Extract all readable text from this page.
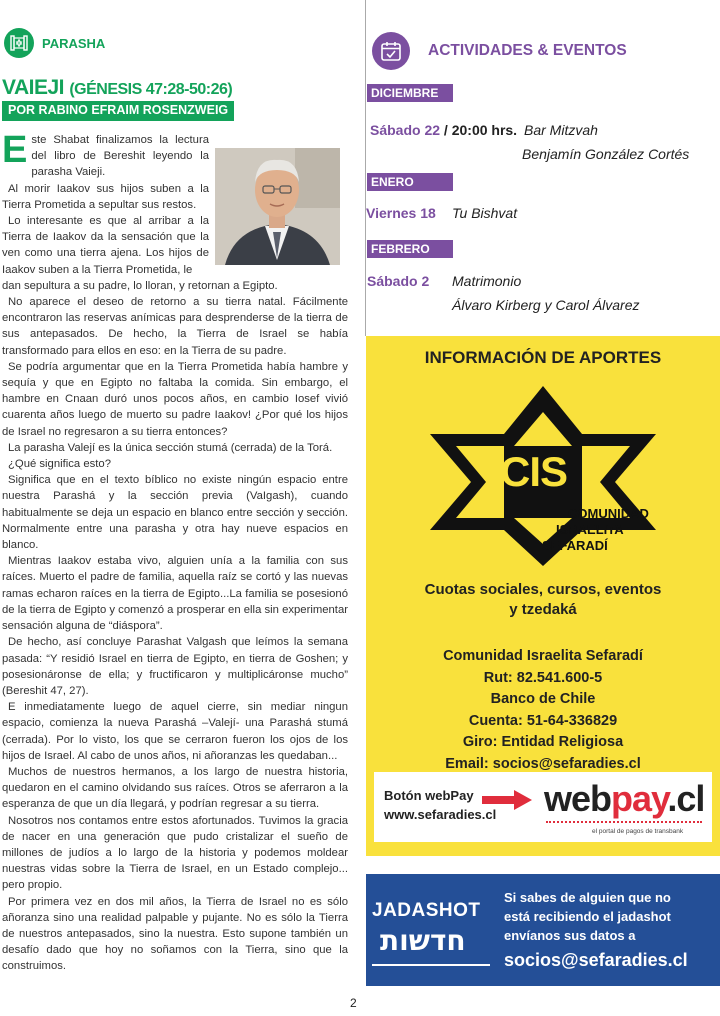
PARASHA
VAIEJI (GÉNESIS 47:28-50:26)
POR RABINO EFRAIM ROSENZWEIG
E ste Shabat finalizamos la lectura del libro de Bereshit leyendo la parasha Vaieji.

Al morir Iaakov sus hijos suben a la Tierra Prometida a sepultar sus restos.

Lo interesante es que al arribar a la Tierra de Iaakov da la sensación que la ven como una tierra ajena. Los hijos de Iaakov suben a la Tierra Prometida, le

dan sepultura a su padre, lo lloran, y retornan a Egipto.

No aparece el deseo de retorno a su tierra natal. Fácilmente encontraron las reservas anímicas para desprenderse de la tierra de sus antepasados. De hecho, la Tierra de Israel se había transformado para ellos en eso: en la Tierra de su padre.

Se podría argumentar que en la Tierra Prometida había hambre y sequía y que en Egipto no faltaba la comida. Sin embargo, el hambre en Cnaan duró unos pocos años, en cambio Iosef vivió cuarenta años luego de muerto su padre Iaakov! ¿Por qué los hijos de Israel no regresaron a su tierra entonces?

La parasha Valejí es la única sección stumá (cerrada) de la Torá.

¿Qué significa esto?

Significa que en el texto bíblico no existe ningún espacio entre nuestra Parashá y la sección previa (VaIgash), cuando habitualmente se deja un espacio en blanco entre sección y sección. Normalmente entre una parasha y otra hay nueve espacios en blanco.

Mientras Iaakov estaba vivo, alguien unía a la familia con sus raíces. Muerto el padre de familia, aquella raíz se cortó y las nuevas ramas echaron raíces en la tierra de Egipto...La familia se posesionó de la tierra de Egipto y comenzó a prosperar en ella sin experimentar sensación alguna de “diáspora”.

De hecho, así concluye Parashat Valgash que leímos la semana pasada: “Y residió Israel en tierra de Egipto, en tierra de Goshen; y posesionáronse de ella; y fructificaron y multiplicáronse mucho” (Bereshit 47, 27).

E inmediatamente luego de aquel cierre, sin mediar ningun espacio, comienza la nueva Parashá –Valejí- una Parashá stumá (cerrada). Por lo visto, los que se cerraron fueron los ojos de los hijos de Israel. Al cabo de unos años, ni añoranzas les quedaban...

Muchos de nuestros hermanos, a los largo de nuestra historia, quedaron en el camino olvidando sus raíces. Otros se aferraron a la esperanza de que un día llegará, y podrían regresar a su tierra.

Nosotros nos contamos entre estos afortunados. Tuvimos la gracia de nacer en una generación que pudo cristalizar el sueño de millones de judíos a lo largo de la historia y podemos moldear nuestras vidas sobre la Tierra de Israel, en un Estado complejo... pero propio.

Por primera vez en dos mil años, la Tierra de Israel no es sólo añoranza sino una realidad palpable y pujante. No es sólo la Tierra de nuestros antepasados, sino la nuestra. Esto supone también un desafío dado que hoy no soñamos con la Tierra, sino que la construimos.

ACTIVIDADES & EVENTOS
DICIEMBRE
Sábado 22 / 20:00 hrs. Bar Mitzvah
Benjamín González Cortés
ENERO
Viernes 18 Tu Bishvat
FEBRERO
Sábado 2 Matrimonio
Álvaro Kirberg y Carol Álvarez
INFORMACIÓN DE APORTES
CIS
COMUNIDAD
ISRAELITA
SEFARADÍ
Cuotas sociales, cursos, eventos
y tzedaká
Comunidad Israelita Sefaradí
Rut: 82.541.600-5
Banco de Chile
Cuenta: 51-64-336829
Giro: Entidad Religiosa
Email: socios@sefaradies.cl
Botón webPay
www.sefaradies.cl webpay.cl
el portal de pagos de transbank
JADASHOT
חדשות
Si sabes de alguien que no
está recibiendo el jadashot
envíanos sus datos a
socios@sefaradies.cl
2
